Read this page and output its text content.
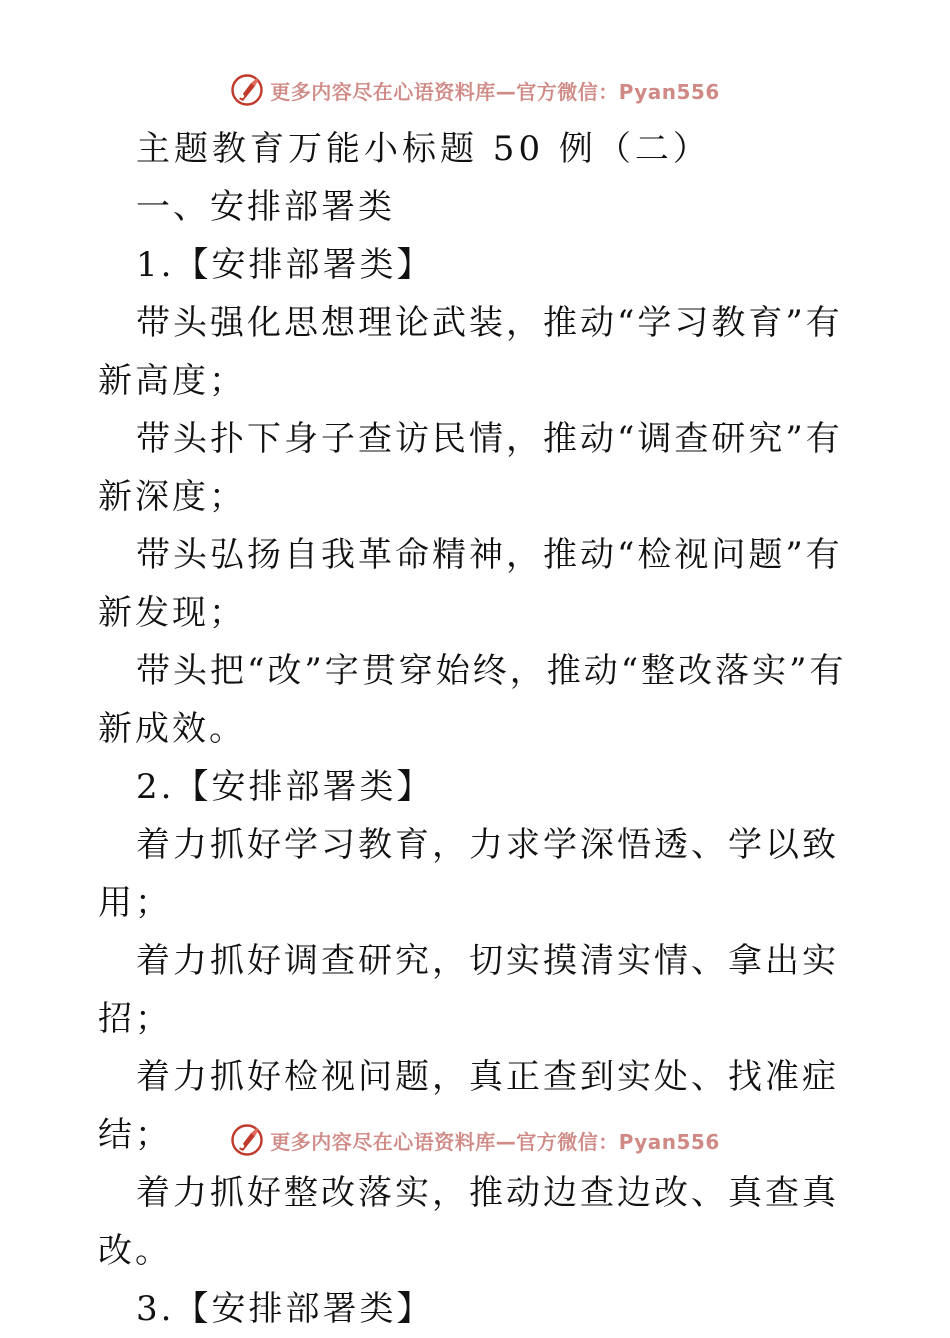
更多内容尽在心语资料库—官方微信：Pyan556

主题教育万能小标题 50 例（二）

一、安排部署类

1.【安排部署类】

带头强化思想理论武装，推动“学习教育”有新高度；

带头扑下身子查访民情，推动“调查研究”有新深度；

带头弘扬自我革命精神，推动“检视问题”有新发现；

带头把“改”字贯穿始终，推动“整改落实”有新成效。

2.【安排部署类】

着力抓好学习教育，力求学深悟透、学以致用；

着力抓好调查研究，切实摸清实情、拿出实招；

着力抓好检视问题，真正查到实处、找准症结；

着力抓好整改落实，推动边查边改、真查真改。

3.【安排部署类】

更多内容尽在心语资料库—官方微信：Pyan556
